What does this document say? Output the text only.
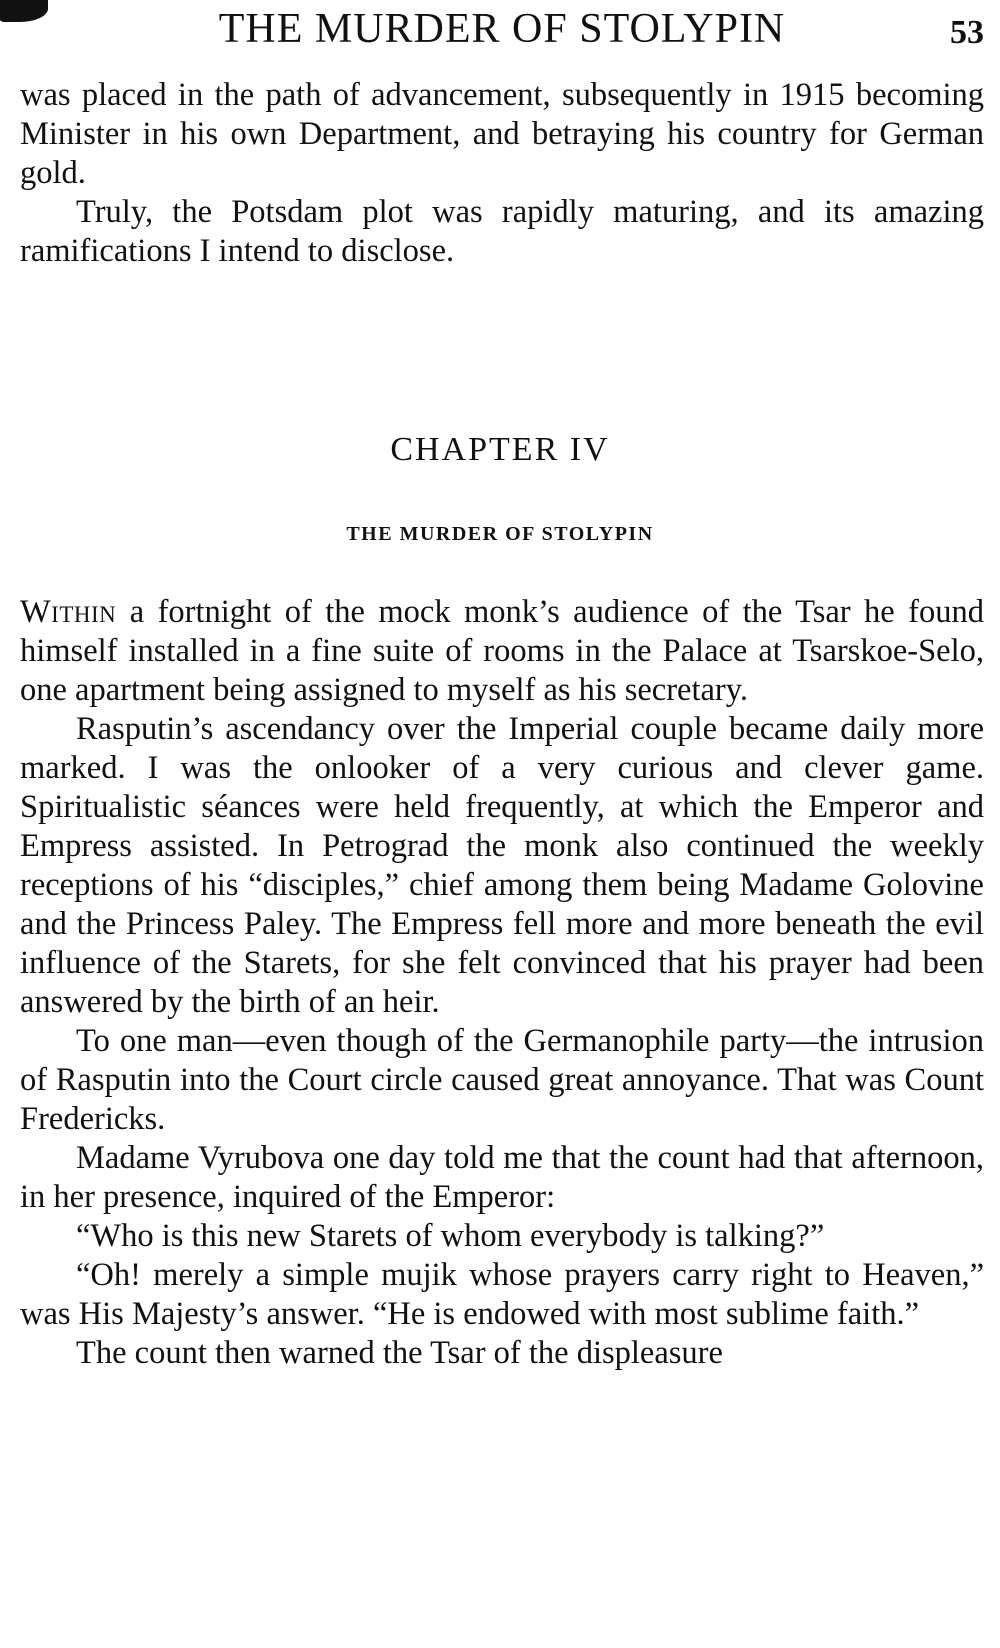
THE MURDER OF STOLYPIN	53

was placed in the path of advancement, subsequently in 1915 becoming Minister in his own Department, and betraying his country for German gold.

Truly, the Potsdam plot was rapidly maturing, and its amazing ramifications I intend to disclose.

CHAPTER IV
THE MURDER OF STOLYPIN

Within a fortnight of the mock monk’s audience of the Tsar he found himself installed in a fine suite of rooms in the Palace at Tsarskoe-Selo, one apartment being assigned to myself as his secretary.

Rasputin’s ascendancy over the Imperial couple became daily more marked. I was the onlooker of a very curious and clever game. Spiritualistic séances were held frequently, at which the Emperor and Empress assisted. In Petrograd the monk also continued the weekly receptions of his “disciples,” chief among them being Madame Golovine and the Princess Paley. The Empress fell more and more beneath the evil influence of the Starets, for she felt convinced that his prayer had been answered by the birth of an heir.

To one man—even though of the Germanophile party—the intrusion of Rasputin into the Court circle caused great annoyance. That was Count Fredericks.

Madame Vyrubova one day told me that the count had that afternoon, in her presence, inquired of the Emperor:

“Who is this new Starets of whom everybody is talking?”

“Oh! merely a simple mujik whose prayers carry right to Heaven,” was His Majesty’s answer. “He is endowed with most sublime faith.”

The count then warned the Tsar of the displeasure
